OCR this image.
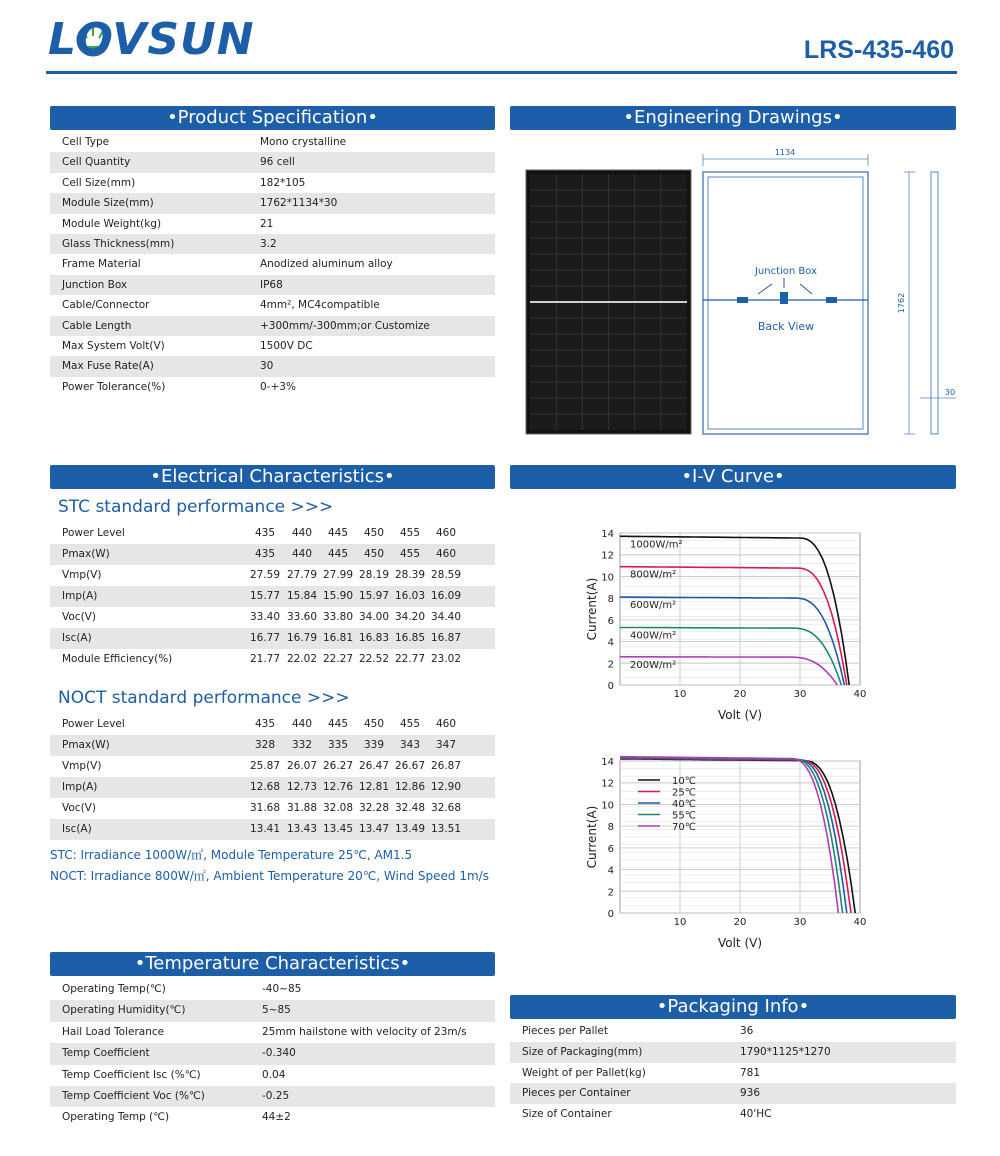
LOVSUN	LRS-435-460
•Product Specification•
Cell Type	Mono crystalline
Cell Quantity	96 cell
Cell Size(mm)	182*105
Module Size(mm)	1762*1134*30
Module Weight(kg)	21
Glass Thickness(mm)	3.2
Frame Material	Anodized aluminum alloy
Junction Box	IP68
Cable/Connector	4mm², MC4compatible
Cable Length	+300mm/-300mm;or Customize
Max System Volt(V)	1500V DC
Max Fuse Rate(A)	30
Power Tolerance(%)	0-+3%
•Engineering Drawings•
Junction Box
Back View
1134
1762
30
•Electrical Characteristics•
STC standard performance >>>
Power Level	435	440	445	450	455	460
Pmax(W)	435	440	445	450	455	460
Vmp(V)	27.59 27.79 27.99 28.19 28.39 28.59
Imp(A)	15.77 15.84 15.90 15.97 16.03 16.09
Voc(V)	33.40 33.60 33.80 34.00 34.20 34.40
Isc(A)	16.77 16.79 16.81 16.83 16.85 16.87
Module Efficiency(%)	21.77 22.02 22.27 22.52 22.77 23.02
NOCT standard performance >>>
Power Level	435	440	445	450	455	460
Pmax(W)	328	332	335	339	343	347
Vmp(V)	25.87 26.07 26.27 26.47 26.67 26.87
Imp(A)	12.68 12.73 12.76 12.81 12.86 12.90
Voc(V)	31.68 31.88 32.08 32.28 32.48 32.68
Isc(A)	13.41 13.43 13.45 13.47 13.49 13.51
STC: Irradiance 1000W/㎡, Module Temperature 25℃, AM1.5
NOCT: Irradiance 800W/㎡, Ambient Temperature 20℃, Wind Speed 1m/s
•I-V Curve•
0
2
4
6
8
10
12
14
10	20	30	40
Volt (V)
Current(A)
1000W/m²
800W/m²
600W/m²
400W/m²
200W/m²
0
2
4
6
8
10
12
14
10	20	30	40
Volt (V)
Current(A)
10℃
25℃
40℃
55℃
70℃
•Temperature Characteristics•
Operating Temp(℃)	-40~85
Operating Humidity(℃)	5~85
Hail Load Tolerance	25mm hailstone with velocity of 23m/s
Temp Coefficient	-0.340
Temp Coefficient Isc (%℃)	0.04
Temp Coefficient Voc (%℃)	-0.25
Operating Temp (℃)	44±2
•Packaging Info•
Pieces per Pallet	36
Size of Packaging(mm)	1790*1125*1270
Weight of per Pallet(kg)	781
Pieces per Container	936
Size of Container	40'HC
